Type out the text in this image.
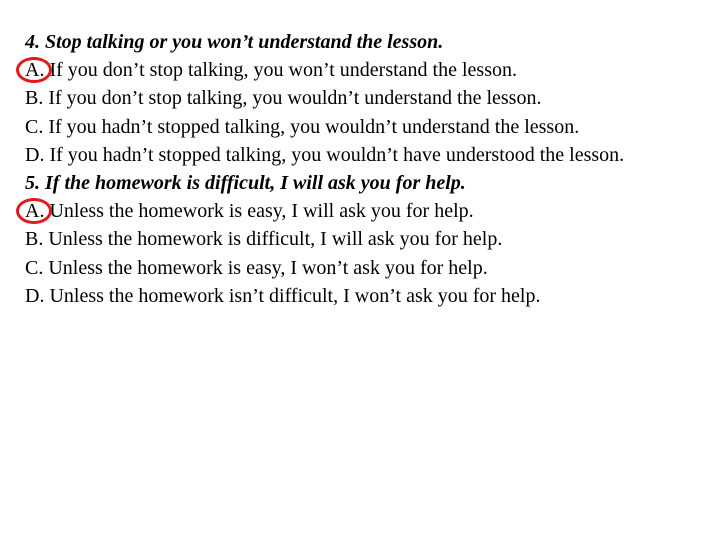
4. Stop talking or you won’t understand the lesson.
A. If you don’t stop talking, you won’t understand the lesson.
B. If you don’t stop talking, you wouldn’t understand the lesson.
C. If you hadn’t stopped talking, you wouldn’t understand the lesson.
D. If you hadn’t stopped talking, you wouldn’t have understood the lesson.
5. If the homework is difficult, I will ask you for help.
A. Unless the homework is easy, I will ask you for help.
B. Unless the homework is difficult, I will ask you for help.
C. Unless the homework is easy, I won’t ask you for help.
D. Unless the homework isn’t difficult, I won’t ask you for help.
